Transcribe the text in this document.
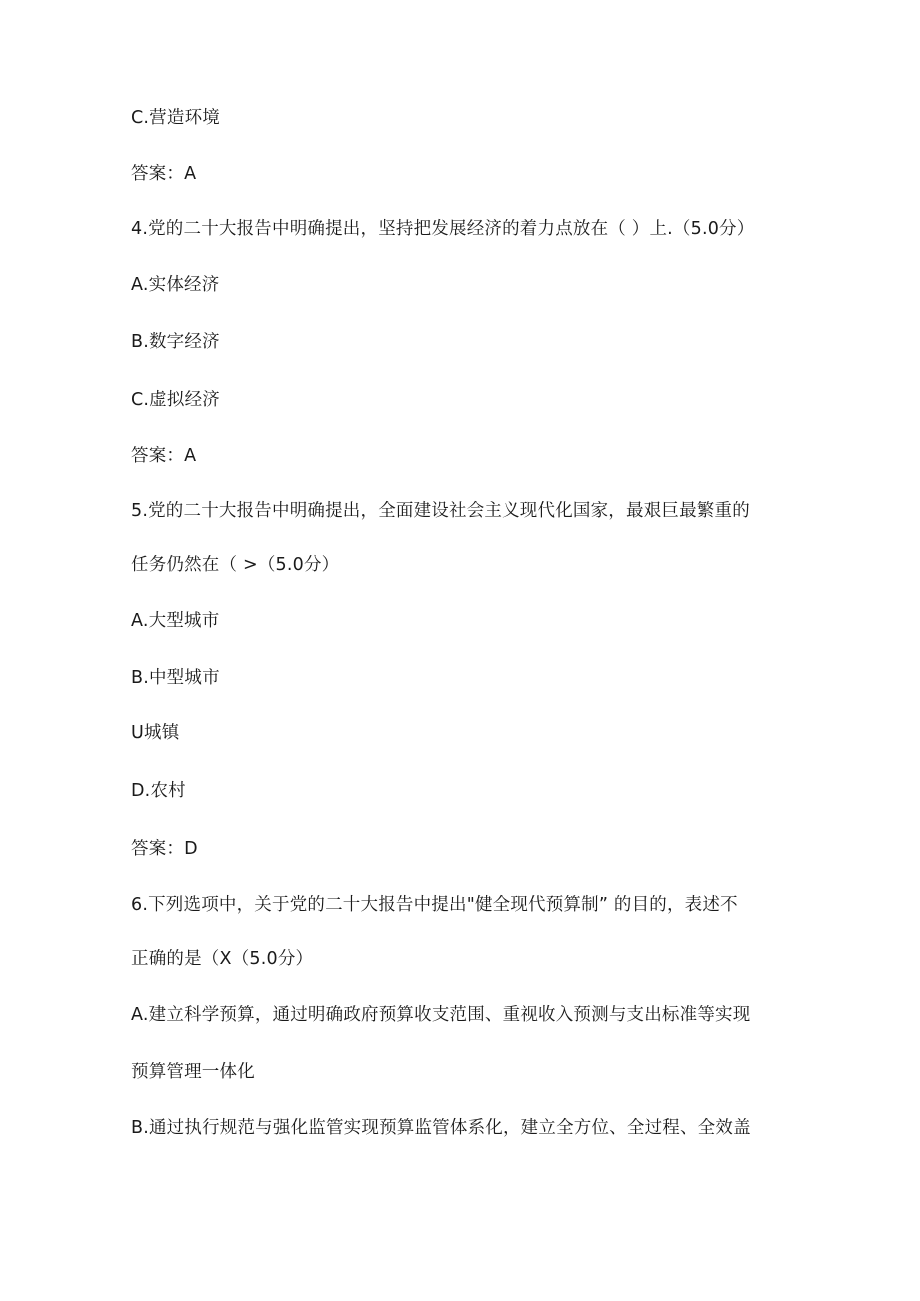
C.营造环境
答案：A
4.党的二十大报告中明确提出，坚持把发展经济的着力点放在（ ）上.（5.0分）
A.实体经济
B.数字经济
C.虚拟经济
答案：A
5.党的二十大报告中明确提出，全面建设社会主义现代化国家，最艰巨最繁重的
任务仍然在（ >（5.0分）
A.大型城市
B.中型城市
U城镇
D.农村
答案：D
6.下列选项中，关于党的二十大报告中提出"健全现代预算制” 的目的，表述不
正确的是（X（5.0分）
A.建立科学预算，通过明确政府预算收支范围、重视收入预测与支出标准等实现
预算管理一体化
B.通过执行规范与强化监管实现预算监管体系化，建立全方位、全过程、全效盖
